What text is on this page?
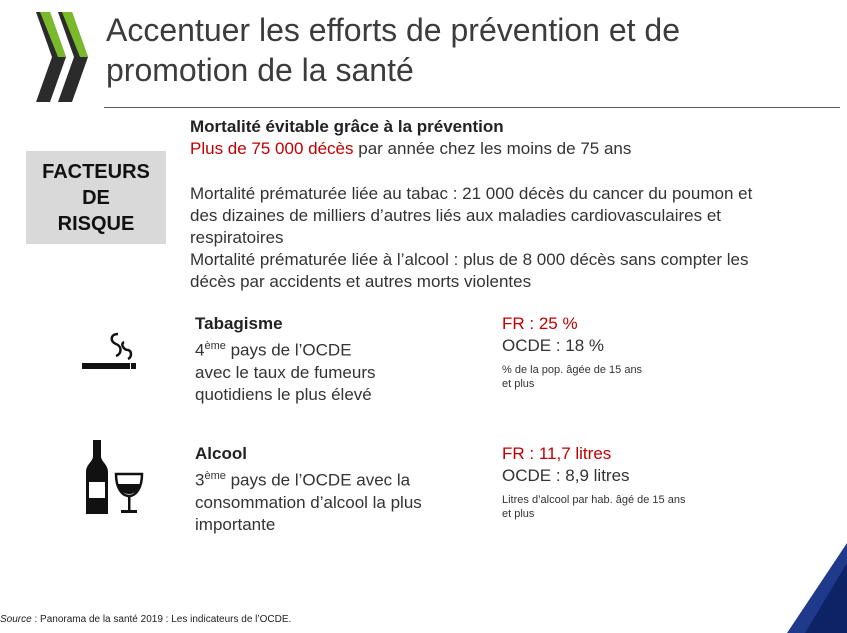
Accentuer les efforts de prévention et de
promotion de la santé
FACTEURS
DE
RISQUE

Mortalité évitable grâce à la prévention

Plus de 75 000 décès par année chez les moins de 75 ans

Mortalité prématurée liée au tabac : 21 000 décès du cancer du poumon et

des dizaines de milliers d’autres liés aux maladies cardiovasculaires et

respiratoires

Mortalité prématurée liée à l’alcool : plus de 8 000 décès sans compter les

décès par accidents et autres morts violentes

Tabagisme
4ème pays de l’OCDE
avec le taux de fumeurs
quotidiens le plus élevé
FR : 25 %
OCDE : 18 %
% de la pop. âgée de 15 ans
et plus
Alcool
3ème pays de l’OCDE avec la
consommation d’alcool la plus
importante
FR : 11,7 litres
OCDE : 8,9 litres
Litres d’alcool par hab. âgé de 15 ans
et plus
Source : Panorama de la santé 2019 : Les indicateurs de l’OCDE.
